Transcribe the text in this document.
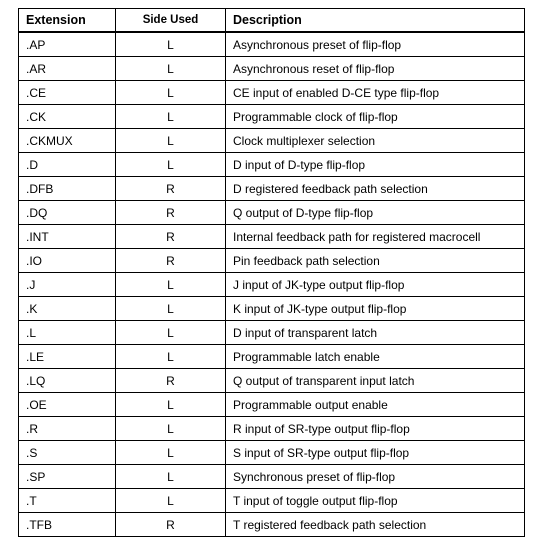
Extension	Side Used	Description
.AP	L	Asynchronous preset of flip-flop
.AR	L	Asynchronous reset of flip-flop
.CE	L	CE input of enabled D-CE type flip-flop
.CK	L	Programmable clock of flip-flop
.CKMUX	L	Clock multiplexer selection
.D	L	D input of D-type flip-flop
.DFB	R	D registered feedback path selection
.DQ	R	Q output of D-type flip-flop
.INT	R	Internal feedback path for registered macrocell
.IO	R	Pin feedback path selection
.J	L	J input of JK-type output flip-flop
.K	L	K input of JK-type output flip-flop
.L	L	D input of transparent latch
.LE	L	Programmable latch enable
.LQ	R	Q output of transparent input latch
.OE	L	Programmable output enable
.R	L	R input of SR-type output flip-flop
.S	L	S input of SR-type output flip-flop
.SP	L	Synchronous preset of flip-flop
.T	L	T input of toggle output flip-flop
.TFB	R	T registered feedback path selection
